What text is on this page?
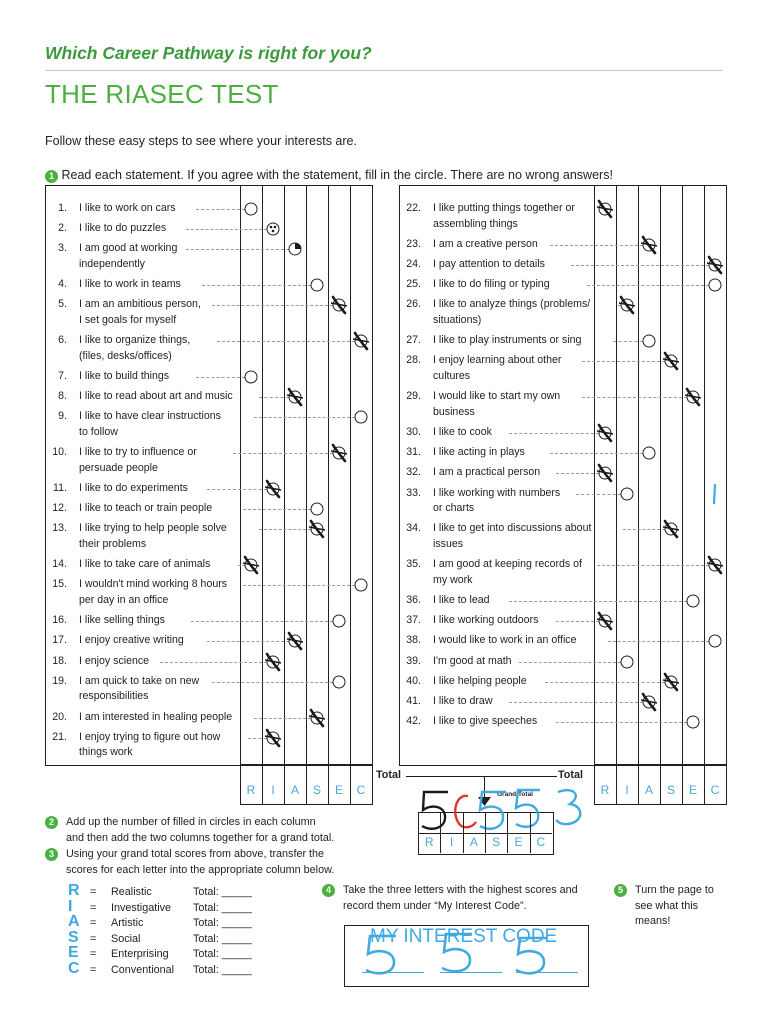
Which Career Pathway is right for you?
THE RIASEC TEST
Follow these easy steps to see where your interests are.
1 Read each statement. If you agree with the statement, fill in the circle. There are no wrong answers!
Total	Total
Grand Total
2 Add up the number of filled in circles in each column
and then add the two columns together for a grand total.
3 Using your grand total scores from above, transfer the
scores for each letter into the appropriate column below.
4 Take the three letters with the highest scores and
record them under “My Interest Code”.
5 Turn the page to
see what this
means!
MY INTEREST CODE
R	I	A	S	E	C	R	I	A	S	E	C
R	I	A	S	E	C
1. I like to work on cars
2. I like to do puzzles
3. I am good at working
independently
4. I like to work in teams
5. I am an ambitious person,
I set goals for myself
6. I like to organize things,
(files, desks/offices)
7. I like to build things
8. I like to read about art and music
9. I like to have clear instructions
to follow
10. I like to try to influence or
persuade people
11. I like to do experiments
12. I like to teach or train people
13. I like trying to help people solve
their problems
14. I like to take care of animals
15. I wouldn't mind working 8 hours
per day in an office
16. I like selling things
17. I enjoy creative writing
18. I enjoy science
19. I am quick to take on new
responsibilities
20. I am interested in healing people
21. I enjoy trying to figure out how
things work
22. I like putting things together or
assembling things
23. I am a creative person
24. I pay attention to details
25. I like to do filing or typing
26. I like to analyze things (problems/
situations)
27. I like to play instruments or sing
28. I enjoy learning about other
cultures
29. I would like to start my own
business
30. I like to cook
31. I like acting in plays
32. I am a practical person
33. I like working with numbers
or charts
34. I like to get into discussions about
issues
35. I am good at keeping records of
my work
36. I like to lead
37. I like working outdoors
38. I would like to work in an office
39. I'm good at math
40. I like helping people
41. I like to draw
42. I like to give speeches
R = Realistic	Total: _____
I = Investigative Total: _____
A = Artistic	Total: _____
S = Social	Total: _____
E = Enterprising Total: _____
C = Conventional Total: _____
